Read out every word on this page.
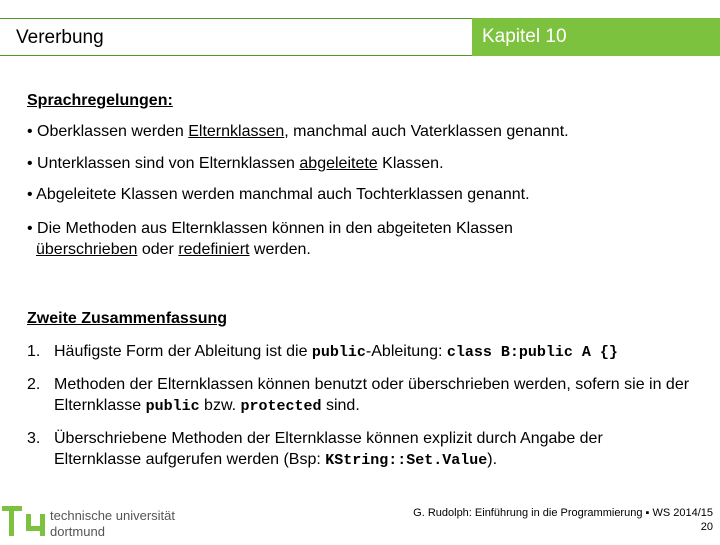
Vererbung	Kapitel 10
Sprachregelungen:
• Oberklassen werden Elternklassen, manchmal auch Vaterklassen genannt.
• Unterklassen sind von Elternklassen abgeleitete Klassen.
• Abgeleitete Klassen werden manchmal auch Tochterklassen genannt.
• Die Methoden aus Elternklassen können in den abgeiteten Klassen
überschrieben oder redefiniert werden.
Zweite Zusammenfassung
1. Häufigste Form der Ableitung ist die public-Ableitung: class B:public A {}
2. Methoden der Elternklassen können benutzt oder überschrieben werden, sofern sie in der Elternklasse public bzw. protected sind.
3. Überschriebene Methoden der Elternklasse können explizit durch Angabe der Elternklasse aufgerufen werden (Bsp: KString::Set.Value).
technische universität
dortmund
G. Rudolph: Einführung in die Programmierung ▪ WS 2014/15
20
